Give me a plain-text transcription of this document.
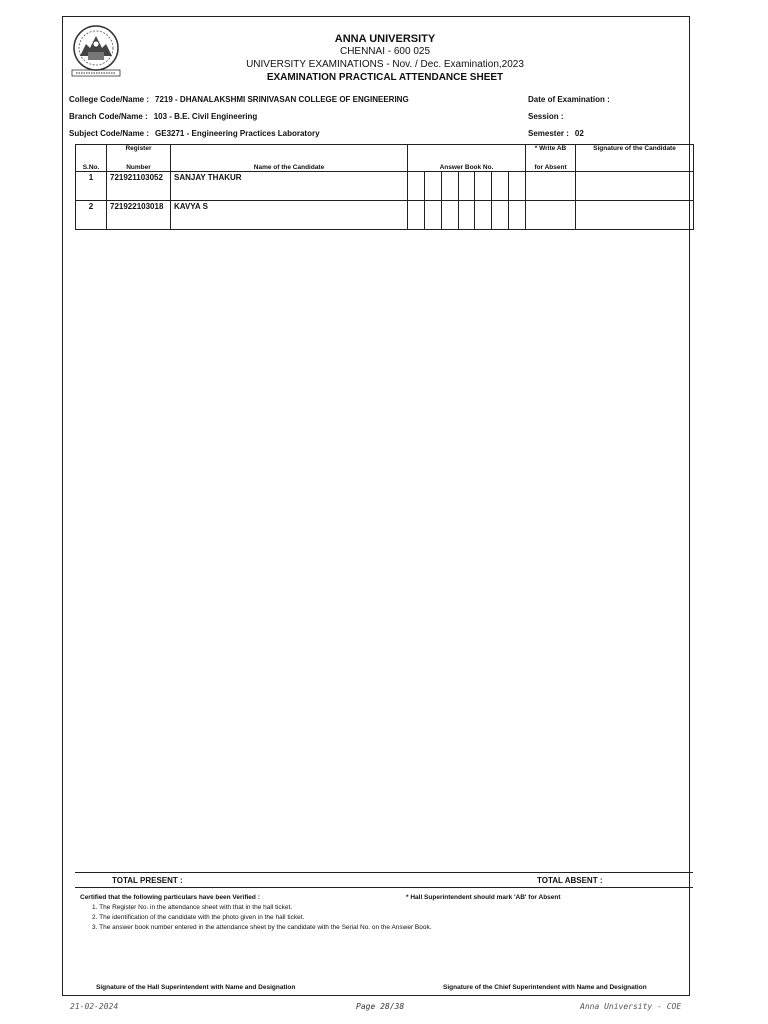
ANNA UNIVERSITY
CHENNAI - 600 025
UNIVERSITY EXAMINATIONS - Nov. / Dec. Examination,2023
EXAMINATION PRACTICAL ATTENDANCE SHEET
College Code/Name : 7219 - DHANALAKSHMI SRINIVASAN COLLEGE OF ENGINEERING
Branch Code/Name : 103 - B.E. Civil Engineering
Subject Code/Name : GE3271 - Engineering Practices Laboratory
Date of Examination :
Session :
Semester : 02
	Register			* Write AB	Signature of the Candidate
S.No.	Number	Name of the Candidate	Answer Book No.	for Absent	
1	721921103052	SANJAY THAKUR	

2	721922103018	KAVYA S	

TOTAL PRESENT :	TOTAL ABSENT :
Certified that the following particulars have been Verified :	* Hall Superintendent should mark 'AB' for Absent
1. The Register No. in the attendance sheet with that in the hall ticket.
2. The identification of the candidate with the photo given in the hall ticket.
3. The answer book number entered in the attendance sheet by the candidate with the Serial No. on the Answer Book.
Signature of the Hall Superintendent with Name and Designation	Signature of the Chief Superintendent with Name and Designation
21-02-2024	Page 28/38	Anna University - COE
